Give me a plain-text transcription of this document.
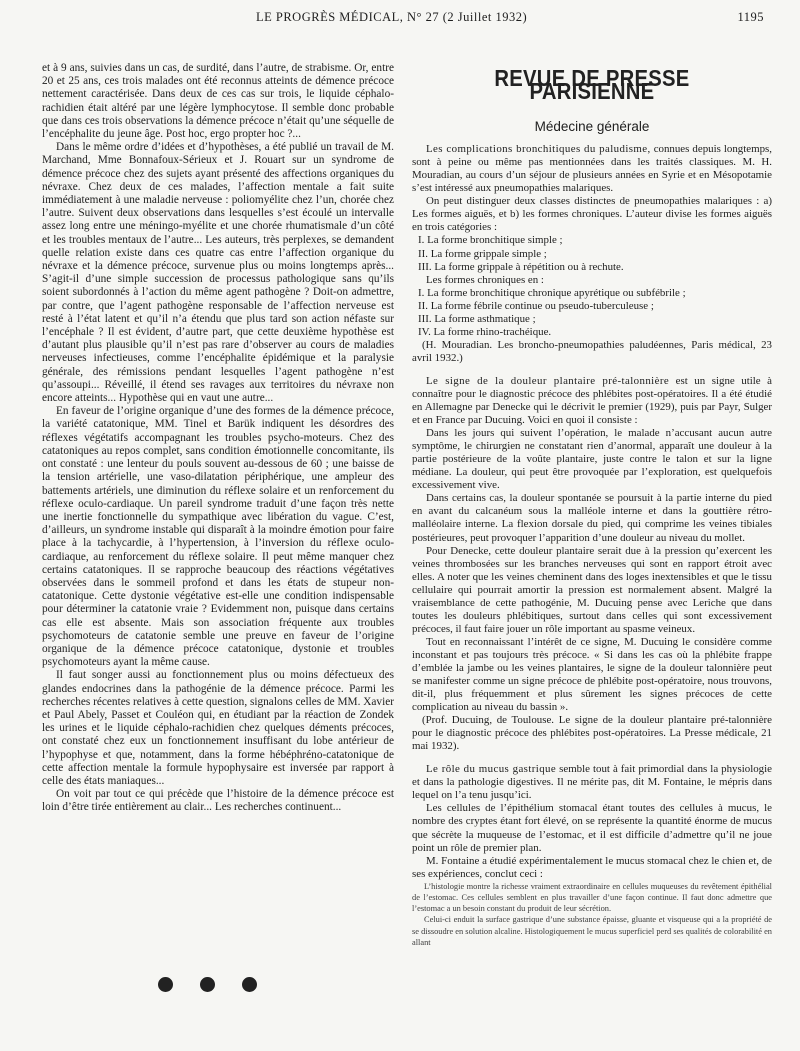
LE PROGRÈS MÉDICAL, N° 27 (2 Juillet 1932)	1195

et à 9 ans, suivies dans un cas, de surdité, dans l’autre, de strabisme. Or, entre 20 et 25 ans, ces trois malades ont été reconnus atteints de démence précoce nettement caractérisée. Dans deux de ces cas sur trois, le liquide céphalo-rachidien était altéré par une légère lymphocytose. Il semble donc probable que dans ces trois observations la démence précoce n’était qu’une séquelle de l’encéphalite du jeune âge. Post hoc, ergo propter hoc ?...

Dans le même ordre d’idées et d’hypothèses, a été publié un travail de M. Marchand, Mme Bonnafoux-Sérieux et J. Rouart sur un syndrome de démence précoce chez des sujets ayant présenté des affections organiques du névraxe. Chez deux de ces malades, l’affection mentale a fait suite immédiatement à une maladie nerveuse : poliomyélite chez l’un, chorée chez l’autre. Suivent deux observations dans lesquelles s’est écoulé un intervalle assez long entre une méningo-myélite et une chorée rhumatismale d’un côté et les troubles mentaux de l’autre... Les auteurs, très perplexes, se demandent quelle relation existe dans ces quatre cas entre l’affection organique du névraxe et la démence précoce, survenue plus ou moins longtemps après... S’agit-il d’une simple succession de processus pathologique sans qu’ils soient subordonnés à l’action du même agent pathogène ? Doit-on admettre, par contre, que l’agent pathogène responsable de l’affection nerveuse est resté à l’état latent et qu’il n’a étendu que plus tard son action néfaste sur l’encéphale ? Il est évident, d’autre part, que cette deuxième hypothèse est d’autant plus plausible qu’il n’est pas rare d’observer au cours de maladies nerveuses infectieuses, comme l’encéphalite épidémique et la paralysie générale, des rémissions pendant lesquelles l’agent pathogène n’est qu’assoupi... Réveillé, il étend ses ravages aux territoires du névraxe non encore atteints... Hypothèse qui en vaut une autre...

En faveur de l’origine organique d’une des formes de la démence précoce, la variété catatonique, MM. Tinel et Barük indiquent les désordres des réflexes végétatifs accompagnant les troubles psycho-moteurs. Chez des catatoniques au repos complet, sans condition émotionnelle concomitante, ils ont constaté : une lenteur du pouls souvent au-dessous de 60 ; une baisse de la tension artérielle, une vaso-dilatation périphérique, une ampleur des battements artériels, une diminution du réflexe solaire et un renforcement du réflexe oculo-cardiaque. Un pareil syndrome traduit d’une façon très nette une inertie fonctionnelle du sympathique avec libération du vague. C’est, d’ailleurs, un syndrome instable qui disparaît à la moindre émotion pour faire place à la tachycardie, à l’hypertension, à l’inversion du réflexe oculo-cardiaque, au renforcement du réflexe solaire. Il peut même manquer chez certains catatoniques. Il se rapproche beaucoup des réactions végétatives observées dans le sommeil profond et dans les états de stupeur non-catatonique. Cette dystonie végétative est-elle une condition indispensable pour déterminer la catatonie vraie ? Evidemment non, puisque dans certains cas elle est absente. Mais son association fréquente aux troubles psychomoteurs de catatonie semble une preuve en faveur de l’origine organique de la démence précoce catatonique, dystonie et troubles psychomoteurs ayant la même cause.

Il faut songer aussi au fonctionnement plus ou moins défectueux des glandes endocrines dans la pathogénie de la démence précoce. Parmi les recherches récentes relatives à cette question, signalons celles de MM. Xavier et Paul Abely, Passet et Couléon qui, en étudiant par la réaction de Zondek les urines et le liquide céphalo-rachidien chez quelques déments précoces, ont constaté chez eux un fonctionnement insuffisant du lobe antérieur de l’hypophyse et que, notamment, dans la forme hébéphréno-catatonique de cette affection mentale la formule hypophysaire est inversée par rapport à celle des états maniaques...

On voit par tout ce qui précède que l’histoire de la démence précoce est loin d’être tirée entièrement au clair... Les recherches continuent...

REVUE DE PRESSE PARISIENNE
Médecine générale

Les complications bronchitiques du paludisme, connues depuis longtemps, sont à peine ou même pas mentionnées dans les traités classiques. M. H. Mouradian, au cours d’un séjour de plusieurs années en Syrie et en Mésopotamie s’est intéressé aux pneumopathies malariques.

On peut distinguer deux classes distinctes de pneumopathies malariques : a) Les formes aiguës, et b) les formes chroniques. L’auteur divise les formes aiguës en trois catégories :

I. La forme bronchitique simple ;

II. La forme grippale simple ;

III. La forme grippale à répétition ou à rechute.

Les formes chroniques en :

I. La forme bronchitique chronique apyrétique ou subfébrile ;

II. La forme fébrile continue ou pseudo-tuberculeuse ;

III. La forme asthmatique ;

IV. La forme rhino-trachéique.

(H. Mouradian. Les broncho-pneumopathies paludéennes, Paris médical, 23 avril 1932.)

Le signe de la douleur plantaire pré-talonnière est un signe utile à connaître pour le diagnostic précoce des phlébites post-opératoires. Il a été étudié en Allemagne par Denecke qui le décrivit le premier (1929), puis par Payr, Sulger et en France par Ducuing. Voici en quoi il consiste :

Dans les jours qui suivent l’opération, le malade n’accusant aucun autre symptôme, le chirurgien ne constatant rien d’anormal, apparaît une douleur à la partie postérieure de la voûte plantaire, juste contre le talon et sur la ligne médiane. La douleur, qui peut être provoquée par l’exploration, est quelquefois excessivement vive.

Dans certains cas, la douleur spontanée se poursuit à la partie interne du pied en avant du calcanéum sous la malléole interne et dans la gouttière rétro-malléolaire interne. La flexion dorsale du pied, qui comprime les veines tibiales postérieures, peut provoquer l’apparition d’une douleur au niveau du mollet.

Pour Denecke, cette douleur plantaire serait due à la pression qu’exercent les veines thrombosées sur les branches nerveuses qui sont en rapport étroit avec elles. A noter que les veines cheminent dans des loges inextensibles et que le tissu cellulaire qui pourrait amortir la pression est normalement absent. Malgré la vraisemblance de cette pathogénie, M. Ducuing pense avec Leriche que dans toutes les douleurs phlébitiques, surtout dans celles qui sont excessivement précoces, il faut faire jouer un rôle important au spasme veineux.

Tout en reconnaissant l’intérêt de ce signe, M. Ducuing le considère comme inconstant et pas toujours très précoce. « Si dans les cas où la phlébite frappe d’emblée la jambe ou les veines plantaires, le signe de la douleur talonnière peut se manifester comme un signe précoce de phlébite post-opératoire, nous trouvons, dit-il, plus fréquemment et plus sûrement les signes précoces de cette complication au niveau du bassin ».

(Prof. Ducuing, de Toulouse. Le signe de la douleur plantaire pré-talonnière pour le diagnostic précoce des phlébites post-opératoires. La Presse médicale, 21 mai 1932).

Le rôle du mucus gastrique semble tout à fait primordial dans la physiologie et dans la pathologie digestives. Il ne mérite pas, dit M. Fontaine, le mépris dans lequel on l’a tenu jusqu’ici.

Les cellules de l’épithélium stomacal étant toutes des cellules à mucus, le nombre des cryptes étant fort élevé, on se représente la quantité énorme de mucus que sécrète la muqueuse de l’estomac, et il est difficile d’admettre qu’il ne joue point un rôle de premier plan.

M. Fontaine a étudié expérimentalement le mucus stomacal chez le chien et, de ses expériences, conclut ceci :

L’histologie montre la richesse vraiment extraordinaire en cellules muqueuses du revêtement épithélial de l’estomac. Ces cellules semblent en plus travailler d’une façon continue. Il faut donc admettre que l’estomac a un besoin constant du produit de leur sécrétion.

Celui-ci enduit la surface gastrique d’une substance épaisse, gluante et visqueuse qui a la propriété de se dissoudre en solution alcaline. Histologiquement le mucus superficiel perd ses qualités de colorabilité en allant
